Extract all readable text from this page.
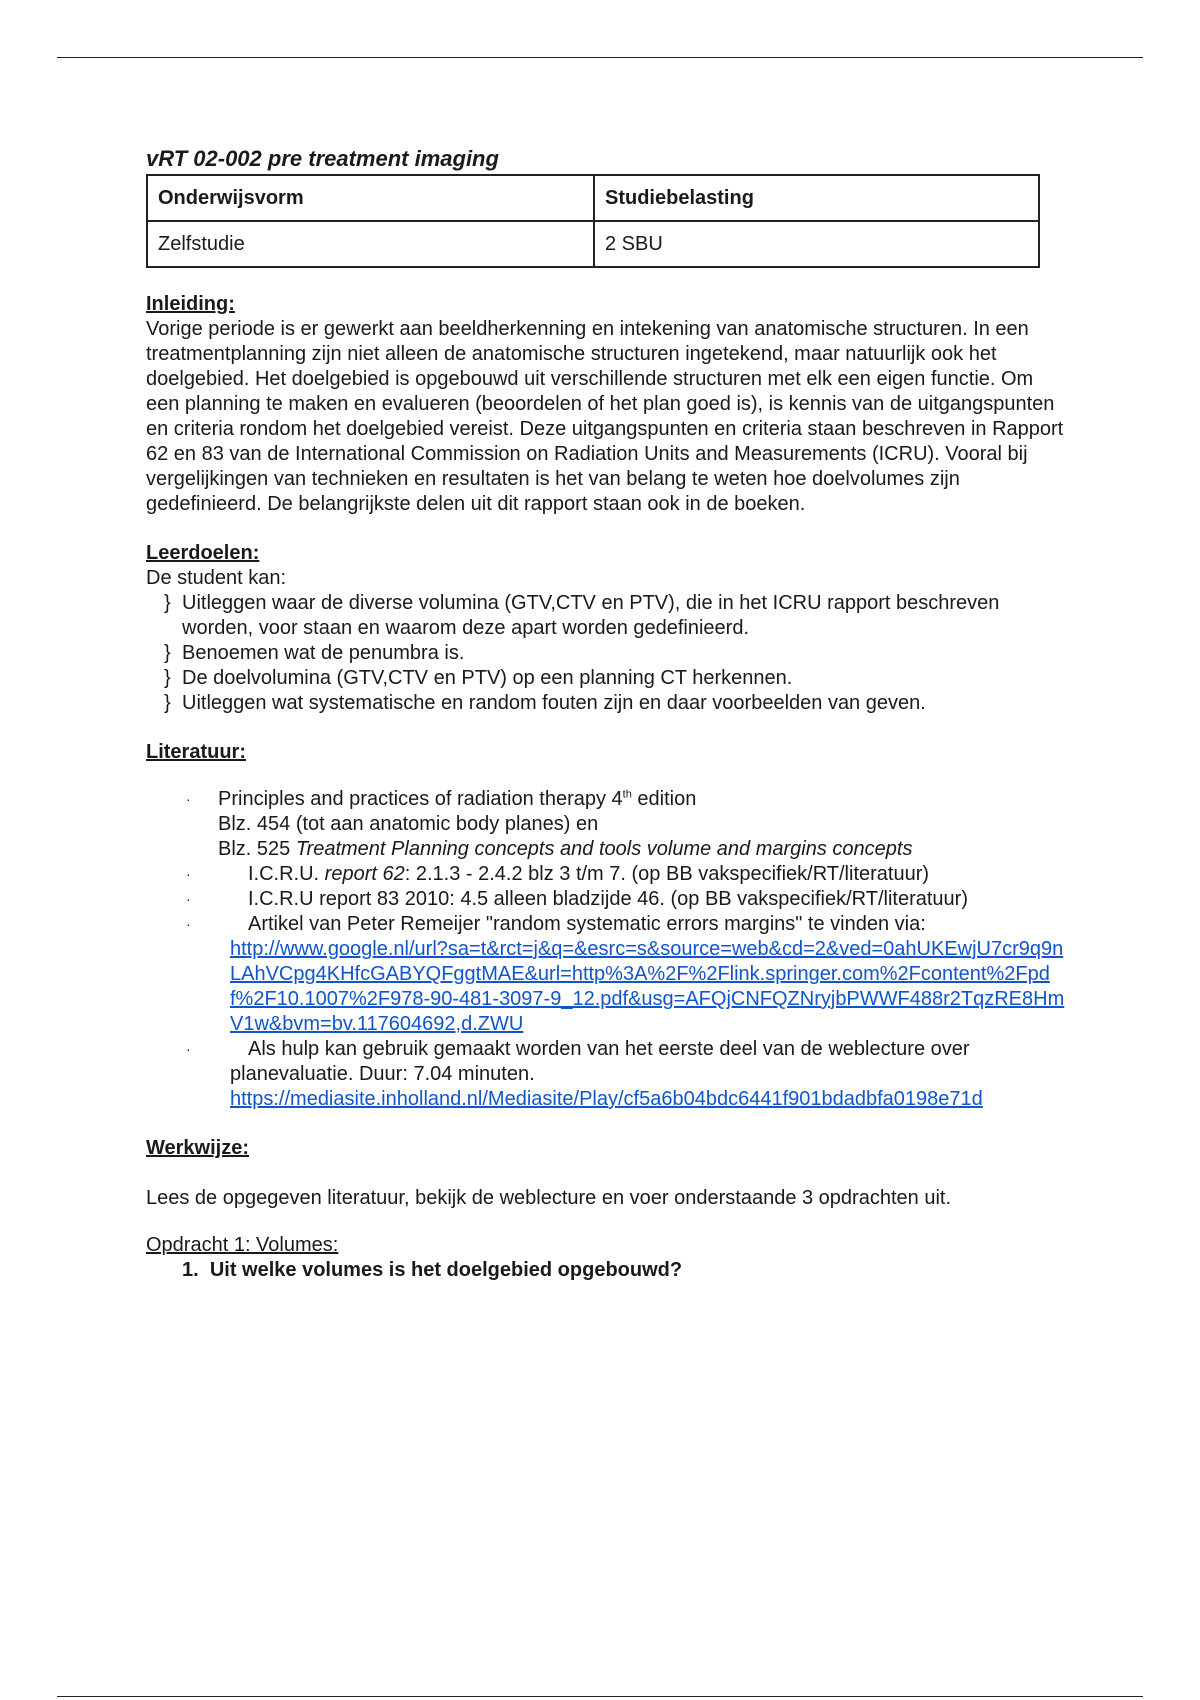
vRT 02-002 pre treatment imaging
Onderwijsvorm	Studiebelasting
Zelfstudie	2 SBU
Inleiding:

Vorige periode is er gewerkt aan beeldherkenning en intekening van anatomische structuren. In een treatmentplanning zijn niet alleen de anatomische structuren ingetekend, maar natuurlijk ook het doelgebied. Het doelgebied is opgebouwd uit verschillende structuren met elk een eigen functie. Om een planning te maken en evalueren (beoordelen of het plan goed is), is kennis van de uitgangspunten en criteria rondom het doelgebied vereist. Deze uitgangspunten en criteria staan beschreven in Rapport 62 en 83 van de International Commission on Radiation Units and Measurements (ICRU). Vooral bij vergelijkingen van technieken en resultaten is het van belang te weten hoe doelvolumes zijn gedefinieerd. De belangrijkste delen uit dit rapport staan ook in de boeken.

Leerdoelen:

De student kan:

} Uitleggen waar de diverse volumina (GTV,CTV en PTV), die in het ICRU rapport beschreven worden, voor staan en waarom deze apart worden gedefinieerd.
} Benoemen wat de penumbra is.
} De doelvolumina (GTV,CTV en PTV) op een planning CT herkennen.
} Uitleggen wat systematische en random fouten zijn en daar voorbeelden van geven.
Literatuur:
· Principles and practices of radiation therapy 4th edition
Blz. 454 (tot aan anatomic body planes) en
Blz. 525 Treatment Planning concepts and tools volume and margins concepts
·	I.C.R.U. report 62: 2.1.3 - 2.4.2 blz 3 t/m 7. (op BB vakspecifiek/RT/literatuur)
·	I.C.R.U report 83 2010: 4.5 alleen bladzijde 46. (op BB vakspecifiek/RT/literatuur)
·	Artikel van Peter Remeijer "random systematic errors margins" te vinden via:
http://www.google.nl/url?sa=t&rct=j&q=&esrc=s&source=web&cd=2&ved=0ahUKEwjU7cr9q9nLAhVCpg4KHfcGABYQFggtMAE&url=http%3A%2F%2Flink.springer.com%2Fcontent%2Fpdf%2F10.1007%2F978-90-481-3097-9_12.pdf&usg=AFQjCNFQZNryjbPWWF488r2TqzRE8HmV1w&bvm=bv.117604692,d.ZWU
·	Als hulp kan gebruik gemaakt worden van het eerste deel van de weblecture over planevaluatie. Duur: 7.04 minuten.
https://mediasite.inholland.nl/Mediasite/Play/cf5a6b04bdc6441f901bdadbfa0198e71d
Werkwijze:

Lees de opgegeven literatuur, bekijk de weblecture en voer onderstaande 3 opdrachten uit.

Opdracht 1: Volumes:
1. Uit welke volumes is het doelgebied opgebouwd?
